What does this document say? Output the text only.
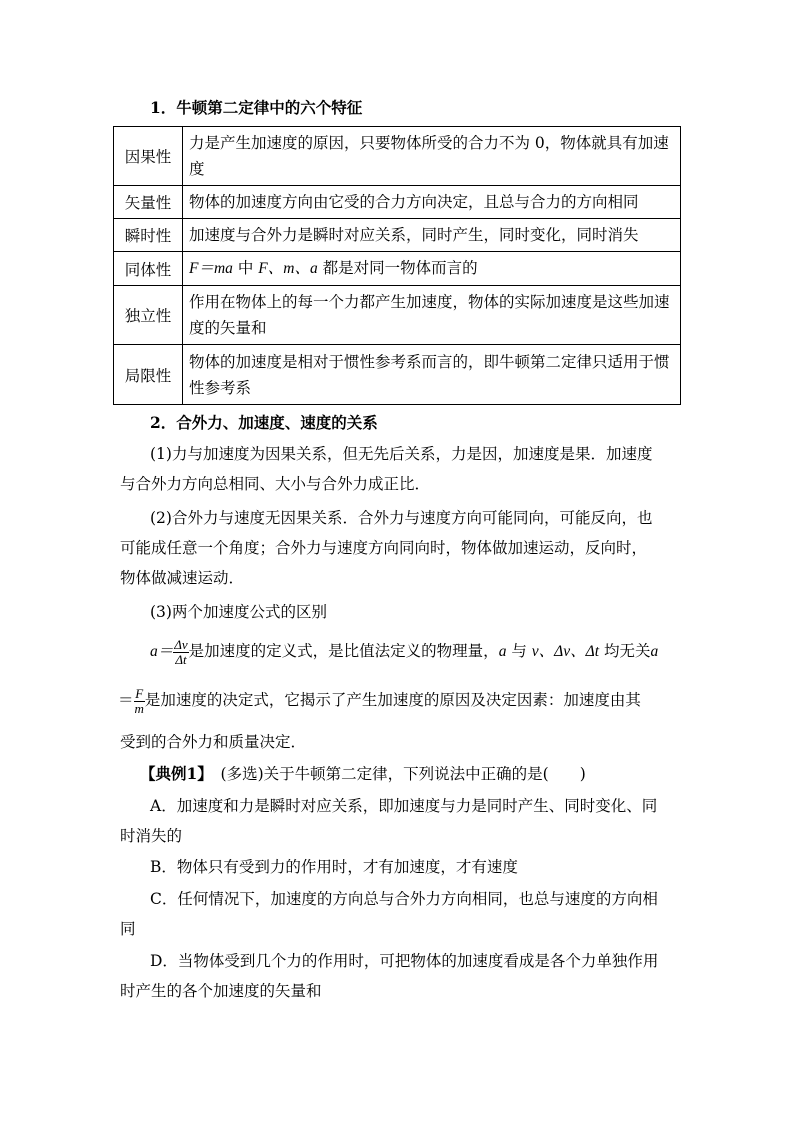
1．牛顿第二定律中的六个特征
因果性	力是产生加速度的原因，只要物体所受的合力不为 0，物体就具有加速度
矢量性	物体的加速度方向由它受的合力方向决定，且总与合力的方向相同
瞬时性	加速度与合外力是瞬时对应关系，同时产生，同时变化，同时消失
同体性	F＝ma 中 F、m、a 都是对同一物体而言的
独立性	作用在物体上的每一个力都产生加速度，物体的实际加速度是这些加速度的矢量和
局限性	物体的加速度是相对于惯性参考系而言的，即牛顿第二定律只适用于惯性参考系
2．合外力、加速度、速度的关系
(1)力与加速度为因果关系，但无先后关系，力是因，加速度是果．加速度
与合外力方向总相同、大小与合外力成正比．
(2)合外力与速度无因果关系．合外力与速度方向可能同向，可能反向，也
可能成任意一个角度；合外力与速度方向同向时，物体做加速运动，反向时，
物体做减速运动．
(3)两个加速度公式的区别
$a= \frac{\Delta v}{\Delta t}$ 是加速度的定义式，是比值法定义的物理量，a 与 v、Δv、Δt 均无关a
＝ $\frac{F}{m}$ 是加速度的决定式，它揭示了产生加速度的原因及决定因素：加速度由其
受到的合外力和质量决定．
【典例1】　(多选)关于牛顿第二定律，下列说法中正确的是(　　)
A．加速度和力是瞬时对应关系，即加速度与力是同时产生、同时变化、同
时消失的
B．物体只有受到力的作用时，才有加速度，才有速度
C．任何情况下，加速度的方向总与合外力方向相同，也总与速度的方向相
同
D．当物体受到几个力的作用时，可把物体的加速度看成是各个力单独作用
时产生的各个加速度的矢量和
